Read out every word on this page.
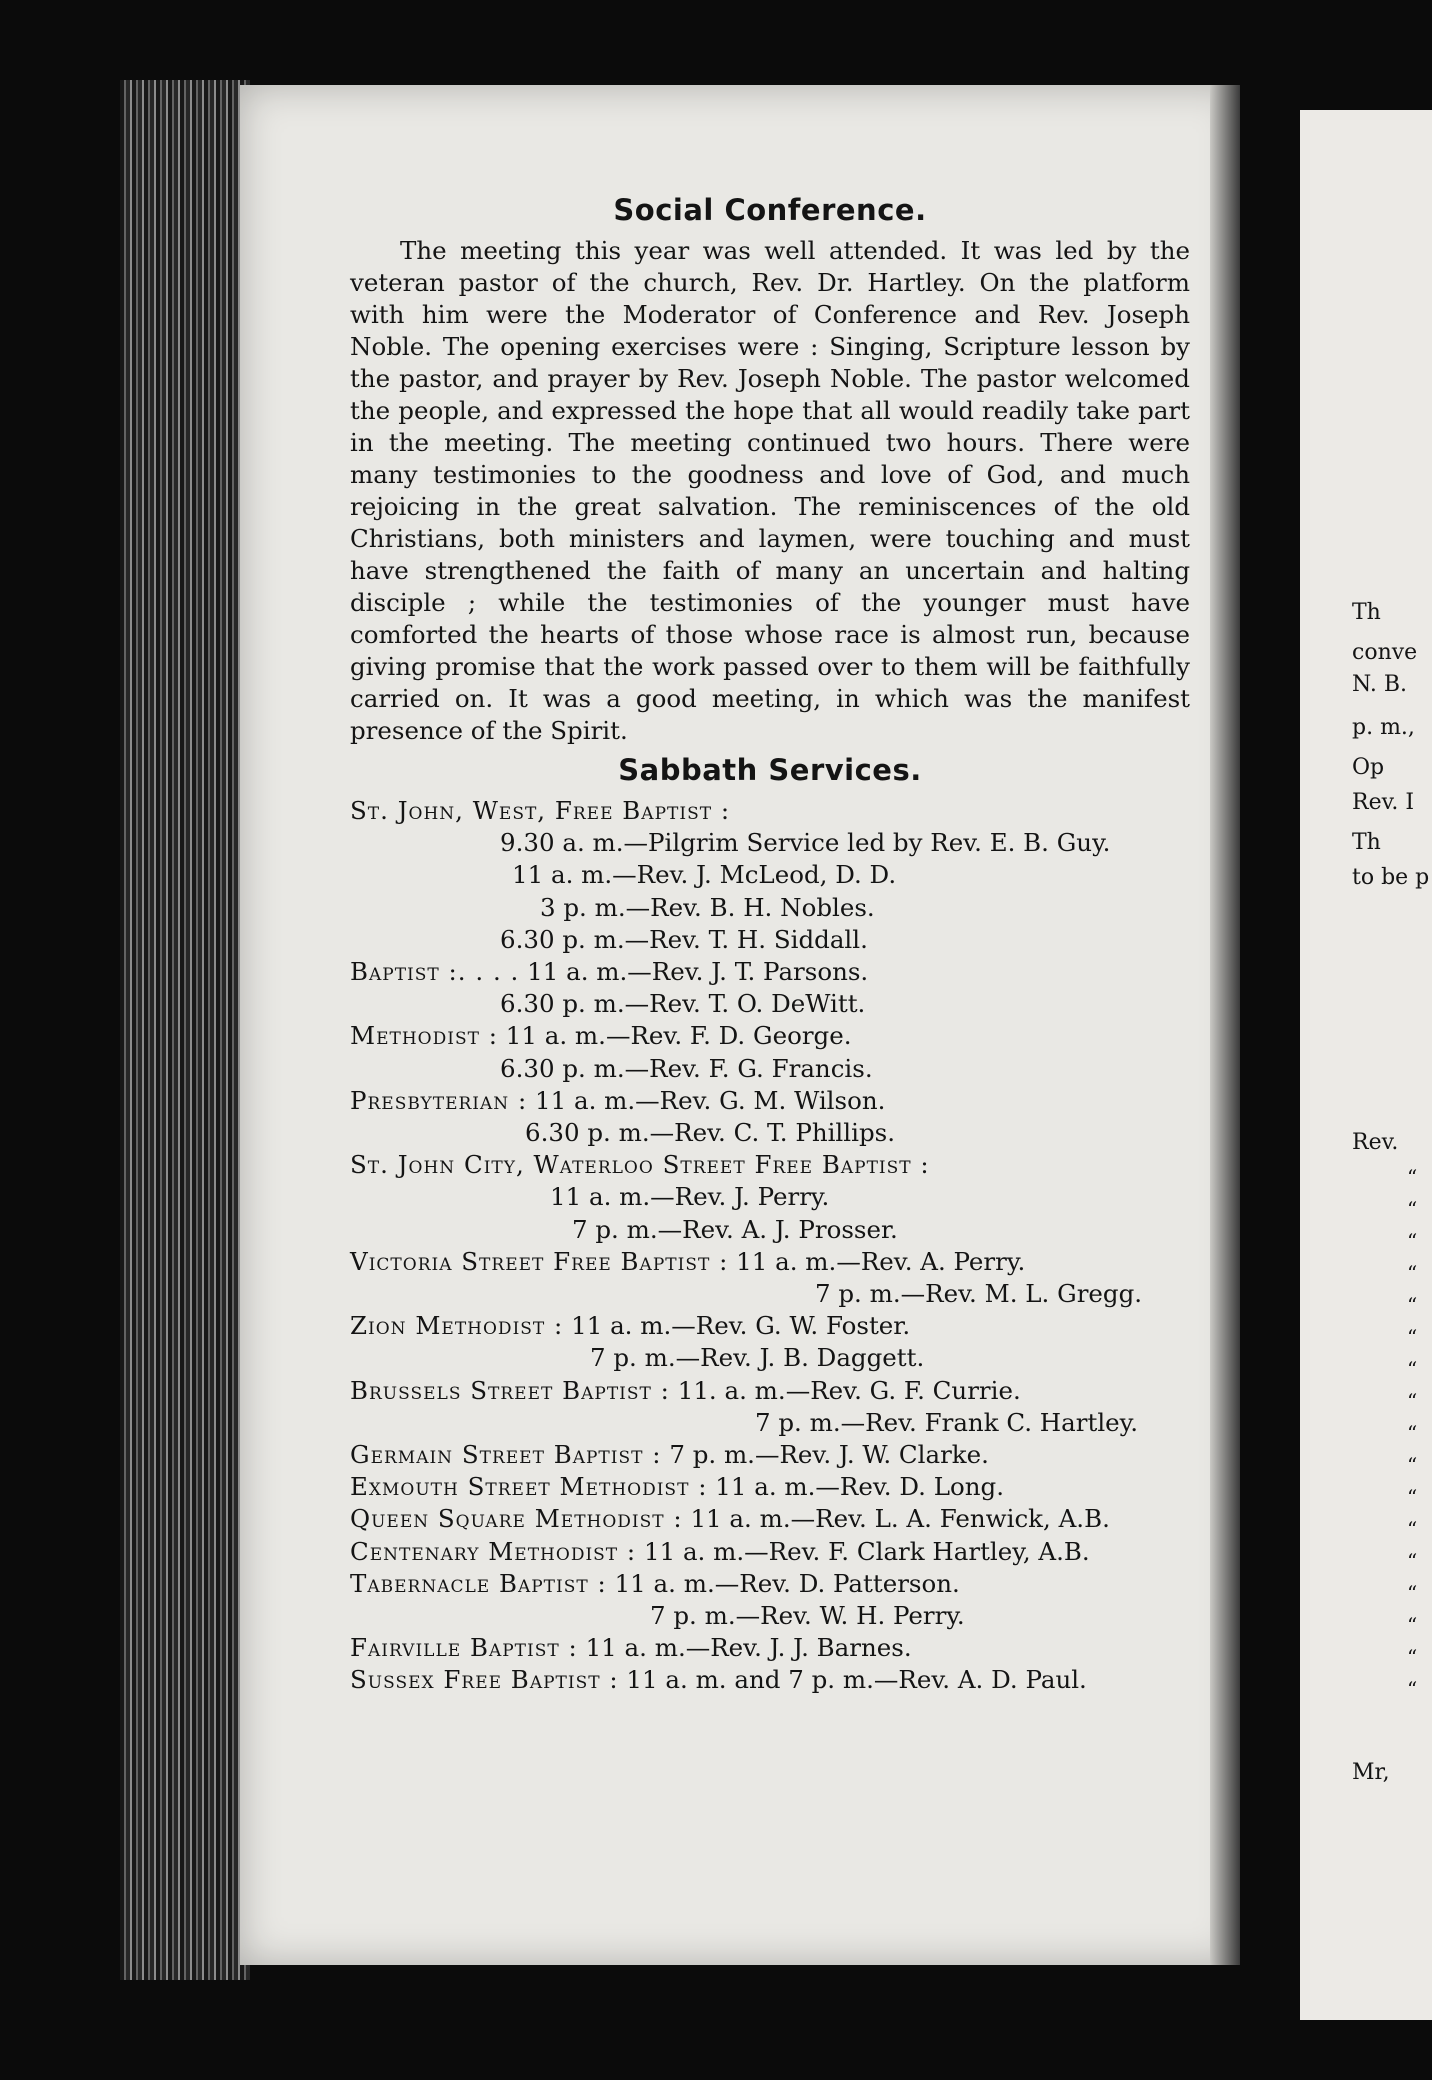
Social Conference.

The meeting this year was well attended. It was led by the veteran pastor of the church, Rev. Dr. Hartley. On the platform with him were the Moderator of Conference and Rev. Joseph Noble. The opening exercises were : Singing, Scripture lesson by the pastor, and prayer by Rev. Joseph Noble. The pastor welcomed the people, and expressed the hope that all would readily take part in the meeting. The meeting continued two hours. There were many testimonies to the goodness and love of God, and much rejoicing in the great salvation. The reminiscences of the old Christians, both ministers and laymen, were touching and must have strengthened the faith of many an uncertain and halting disciple ; while the testimonies of the younger must have comforted the hearts of those whose race is almost run, because giving promise that the work passed over to them will be faithfully carried on. It was a good meeting, in which was the manifest presence of the Spirit.

Sabbath Services.
St. John, West, Free Baptist :
9.30 a. m.—Pilgrim Service led by Rev. E. B. Guy.
11 a. m.—Rev. J. McLeod, D. D.
3 p. m.—Rev. B. H. Nobles.
6.30 p. m.—Rev. T. H. Siddall.
Baptist :. . . . 11 a. m.—Rev. J. T. Parsons.
6.30 p. m.—Rev. T. O. DeWitt.
Methodist : 11 a. m.—Rev. F. D. George.
6.30 p. m.—Rev. F. G. Francis.
Presbyterian : 11 a. m.—Rev. G. M. Wilson.
6.30 p. m.—Rev. C. T. Phillips.
St. John City, Waterloo Street Free Baptist :
11 a. m.—Rev. J. Perry.
7 p. m.—Rev. A. J. Prosser.
Victoria Street Free Baptist : 11 a. m.—Rev. A. Perry.
7 p. m.—Rev. M. L. Gregg.
Zion Methodist : 11 a. m.—Rev. G. W. Foster.
7 p. m.—Rev. J. B. Daggett.
Brussels Street Baptist : 11. a. m.—Rev. G. F. Currie.
7 p. m.—Rev. Frank C. Hartley.
Germain Street Baptist : 7 p. m.—Rev. J. W. Clarke.
Exmouth Street Methodist : 11 a. m.—Rev. D. Long.
Queen Square Methodist : 11 a. m.—Rev. L. A. Fenwick, A.B.
Centenary Methodist : 11 a. m.—Rev. F. Clark Hartley, A.B.
Tabernacle Baptist : 11 a. m.—Rev. D. Patterson.
7 p. m.—Rev. W. H. Perry.
Fairville Baptist : 11 a. m.—Rev. J. J. Barnes.
Sussex Free Baptist : 11 a. m. and 7 p. m.—Rev. A. D. Paul.
Th
conve
N. B.
p. m.,
Op
Rev. I
Th
to be p
Rev.
Mr,
“
“
“
“
“
“
“
“
“
“
“
“
“
“
“
“
“
